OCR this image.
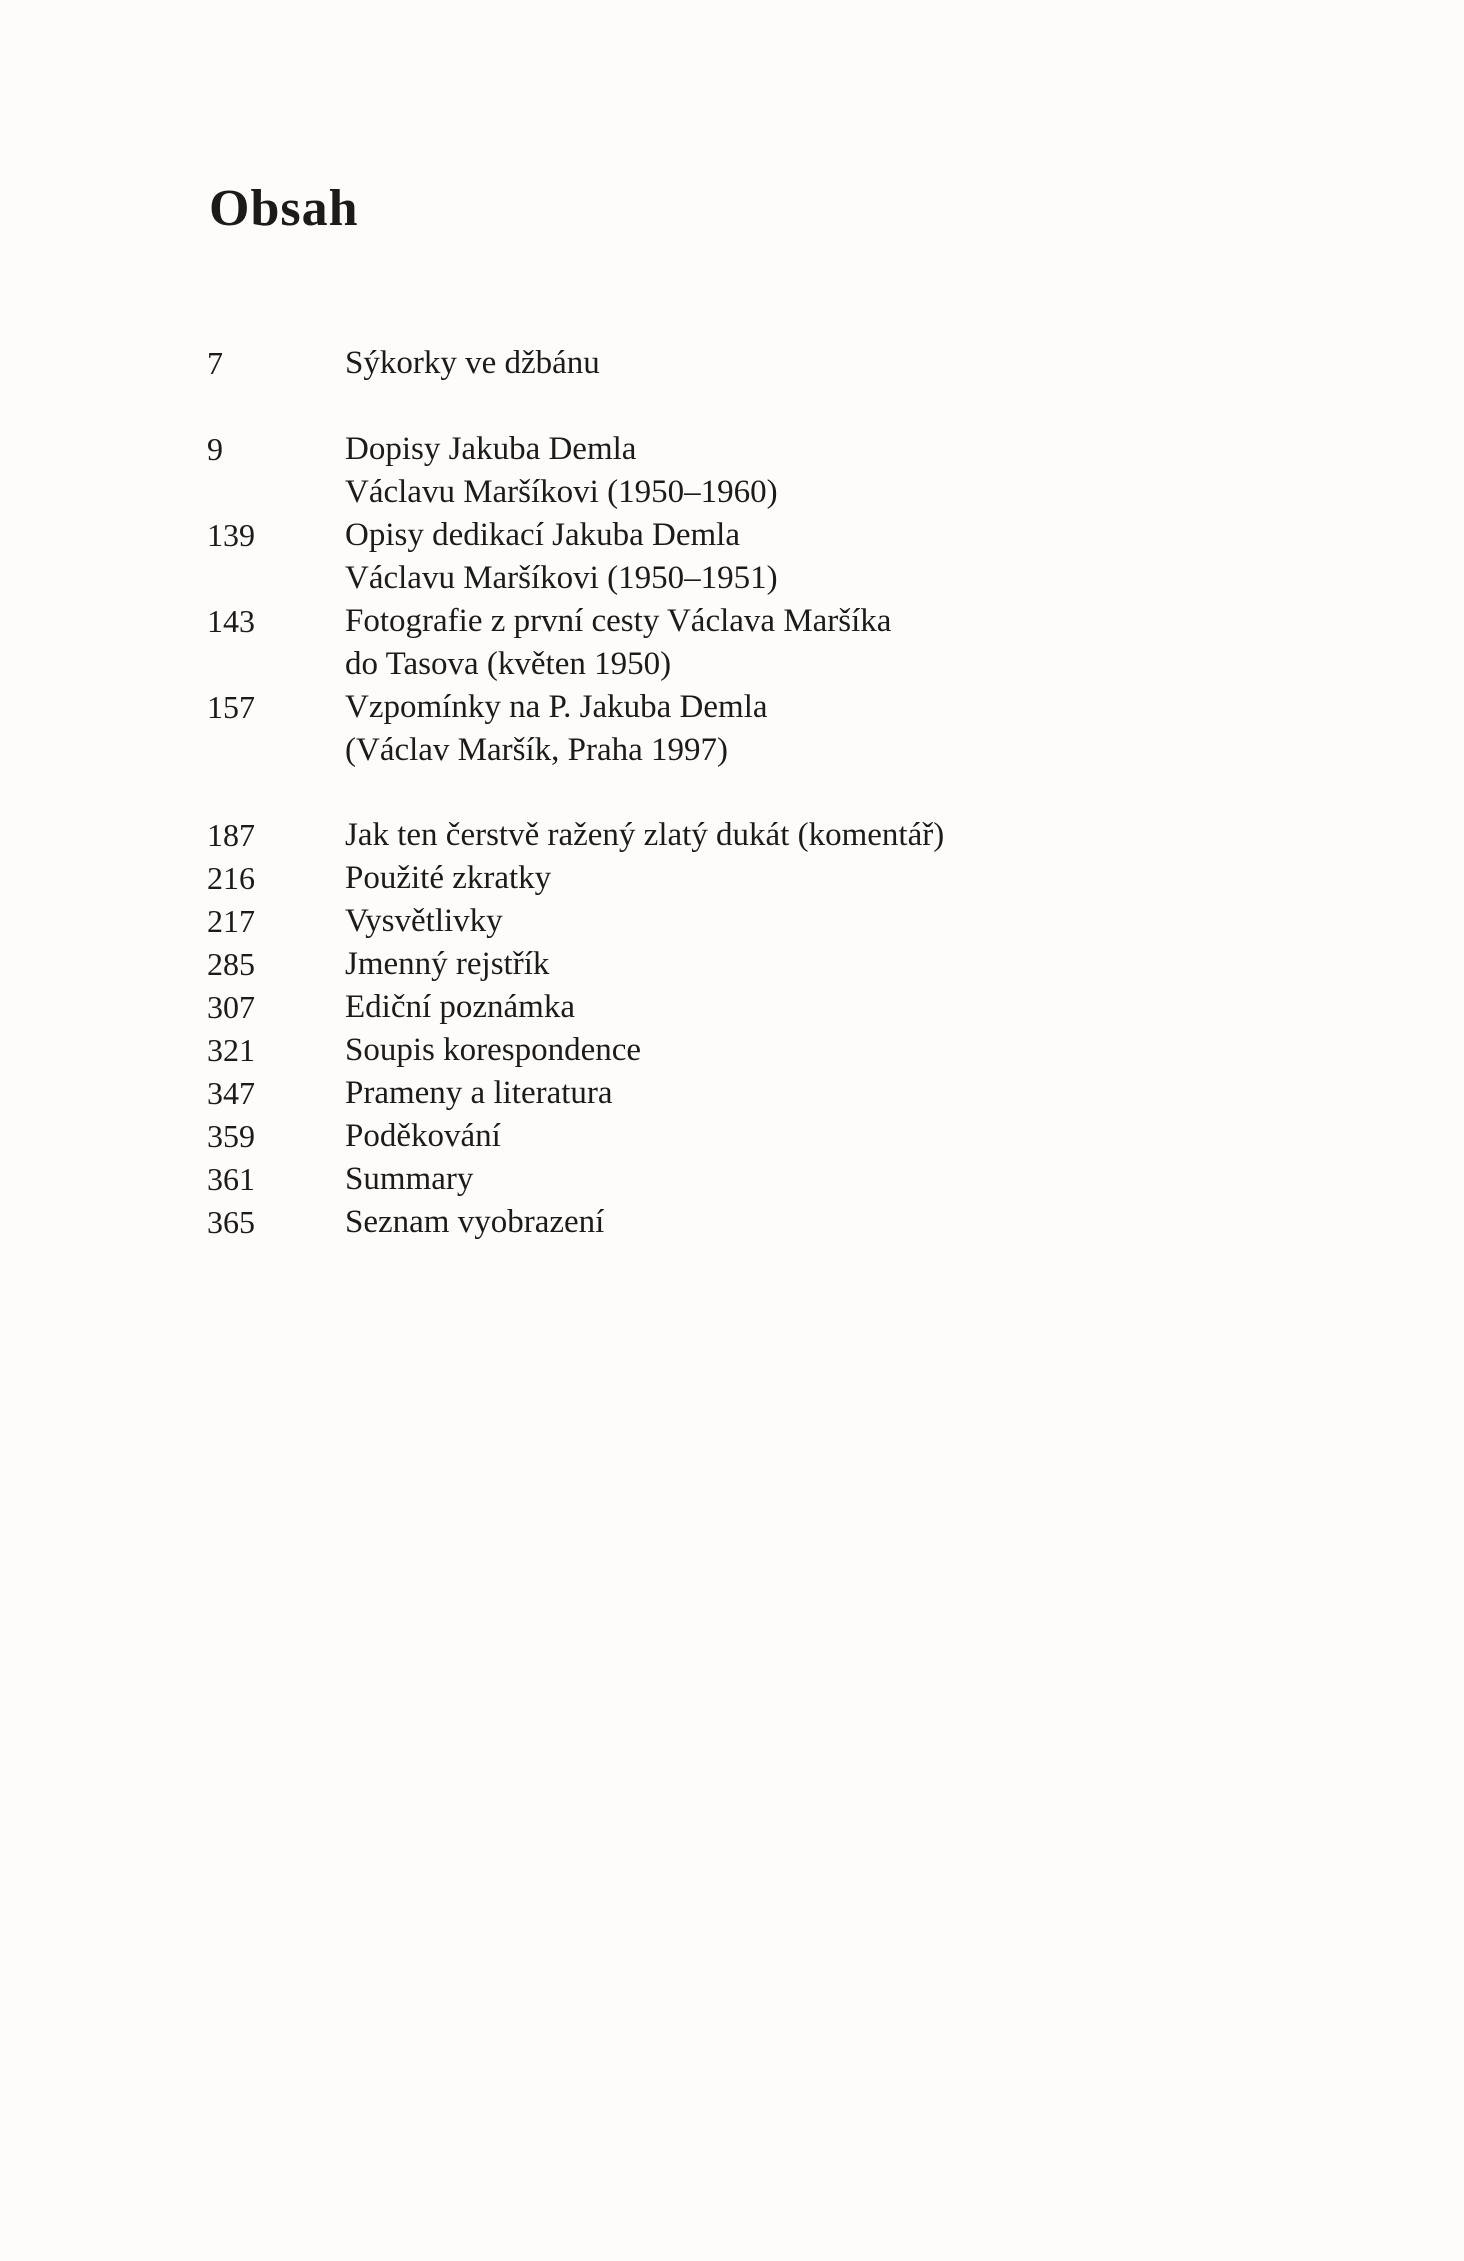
Obsah
7	Sýkorky ve džbánu
9	Dopisy Jakuba Demla
Václavu Maršíkovi (1950–1960)
139	Opisy dedikací Jakuba Demla
Václavu Maršíkovi (1950–1951)
143	Fotografie z první cesty Václava Maršíka
do Tasova (květen 1950)
157	Vzpomínky na P. Jakuba Demla
(Václav Maršík, Praha 1997)
187	Jak ten čerstvě ražený zlatý dukát (komentář)
216	Použité zkratky
217	Vysvětlivky
285	Jmenný rejstřík
307	Ediční poznámka
321	Soupis korespondence
347	Prameny a literatura
359	Poděkování
361	Summary
365	Seznam vyobrazení
